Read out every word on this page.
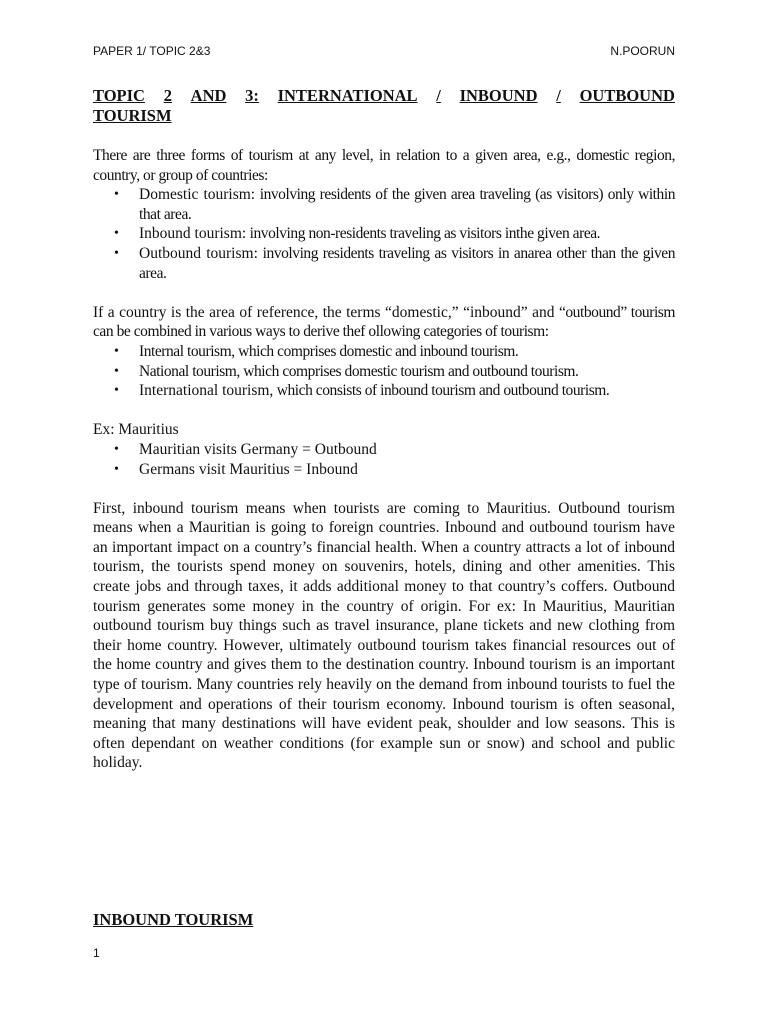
PAPER 1/ TOPIC 2&3	N.POORUN
TOPIC 2 AND 3: INTERNATIONAL / INBOUND / OUTBOUND
TOURISM

There are three forms of tourism at any level, in relation to a given area, e.g., domestic region, country, or group of countries:

• Domestic tourism: involving residents of the given area traveling (as visitors) only within that area.
• Inbound tourism: involving non-residents traveling as visitors inthe given area.
• Outbound tourism: involving residents traveling as visitors in anarea other than the given area.

If a country is the area of reference, the terms “domestic,” “inbound” and “outbound” tourism can be combined in various ways to derive thef ollowing categories of tourism:

• Internal tourism, which comprises domestic and inbound tourism.
• National tourism, which comprises domestic tourism and outbound tourism.
• International tourism, which consists of inbound tourism and outbound tourism.

Ex: Mauritius

• Mauritian visits Germany = Outbound
• Germans visit Mauritius = Inbound

First, inbound tourism means when tourists are coming to Mauritius. Outbound tourism means when a Mauritian is going to foreign countries. Inbound and outbound tourism have an important impact on a country’s financial health. When a country attracts a lot of inbound tourism, the tourists spend money on souvenirs, hotels, dining and other amenities. This create jobs and through taxes, it adds additional money to that country’s coffers. Outbound tourism generates some money in the country of origin. For ex: In Mauritius, Mauritian outbound tourism buy things such as travel insurance, plane tickets and new clothing from their home country. However, ultimately outbound tourism takes financial resources out of the home country and gives them to the destination country. Inbound tourism is an important type of tourism. Many countries rely heavily on the demand from inbound tourists to fuel the development and operations of their tourism economy. Inbound tourism is often seasonal, meaning that many destinations will have evident peak, shoulder and low seasons. This is often dependant on weather conditions (for example sun or snow) and school and public holiday.

INBOUND TOURISM
1
